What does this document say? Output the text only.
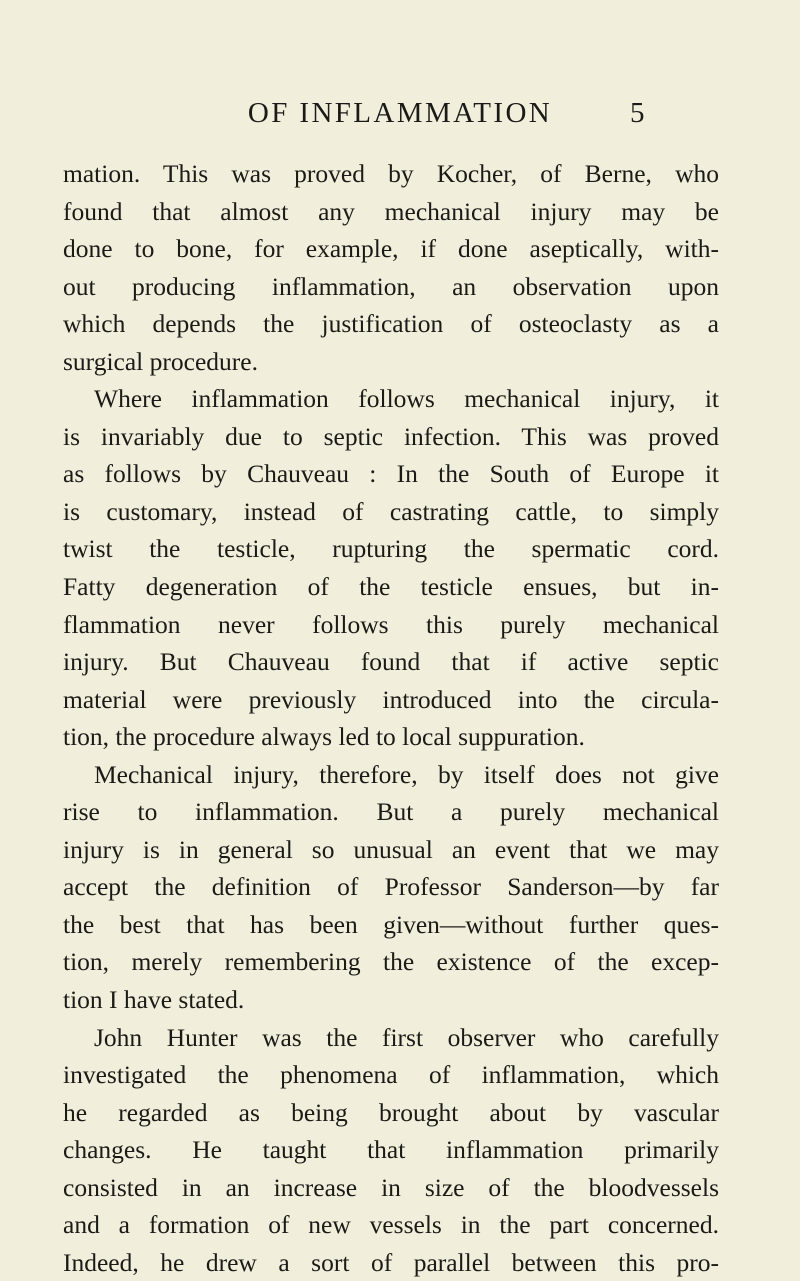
OF INFLAMMATION	5
mation. This was proved by Kocher, of Berne, who
found that almost any mechanical injury may be
done to bone, for example, if done aseptically, with-
out producing inflammation, an observation upon
which depends the justification of osteoclasty as a
surgical procedure.
Where inflammation follows mechanical injury, it
is invariably due to septic infection. This was proved
as follows by Chauveau : In the South of Europe it
is customary, instead of castrating cattle, to simply
twist the testicle, rupturing the spermatic cord.
Fatty degeneration of the testicle ensues, but in-
flammation never follows this purely mechanical
injury. But Chauveau found that if active septic
material were previously introduced into the circula-
tion, the procedure always led to local suppuration.
Mechanical injury, therefore, by itself does not give
rise to inflammation. But a purely mechanical
injury is in general so unusual an event that we may
accept the definition of Professor Sanderson—by far
the best that has been given—without further ques-
tion, merely remembering the existence of the excep-
tion I have stated.
John Hunter was the first observer who carefully
investigated the phenomena of inflammation, which
he regarded as being brought about by vascular
changes. He taught that inflammation primarily
consisted in an increase in size of the bloodvessels
and a formation of new vessels in the part concerned.
Indeed, he drew a sort of parallel between this pro-
